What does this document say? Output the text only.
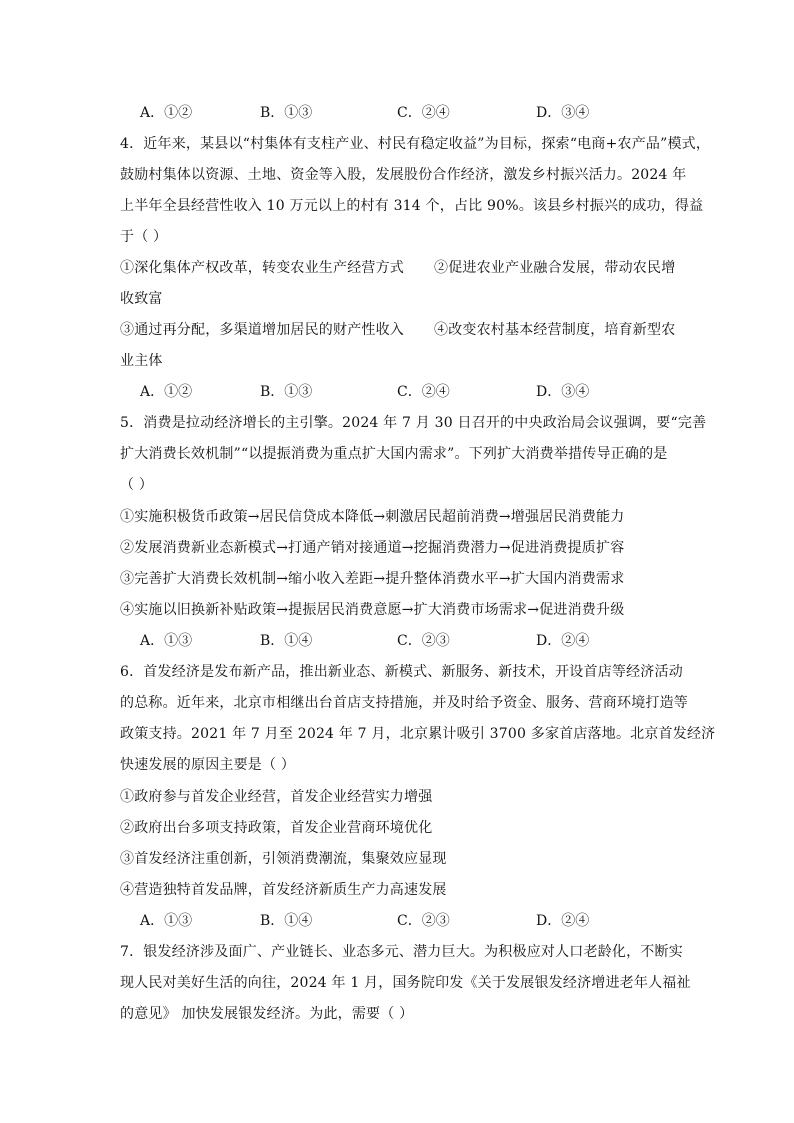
A．①②	B．①③	C．②④	D．③④
4．近年来，某县以“村集体有支柱产业、村民有稳定收益”为目标，探索“电商+农产品”模式，
鼓励村集体以资源、土地、资金等入股，发展股份合作经济，激发乡村振兴活力。2024 年
上半年全县经营性收入 10 万元以上的村有 314 个，占比 90%。该县乡村振兴的成功，得益
于（ ）
①深化集体产权改革，转变农业生产经营方式 ②促进农业产业融合发展，带动农民增
收致富
③通过再分配，多渠道增加居民的财产性收入 ④改变农村基本经营制度，培育新型农
业主体
A．①②	B．①③	C．②④	D．③④
5．消费是拉动经济增长的主引擎。2024 年 7 月 30 日召开的中央政治局会议强调，要“完善
扩大消费长效机制”“以提振消费为重点扩大国内需求”。下列扩大消费举措传导正确的是
（ ）
①实施积极货币政策→居民信贷成本降低→刺激居民超前消费→增强居民消费能力
②发展消费新业态新模式→打通产销对接通道→挖掘消费潜力→促进消费提质扩容
③完善扩大消费长效机制→缩小收入差距→提升整体消费水平→扩大国内消费需求
④实施以旧换新补贴政策→提振居民消费意愿→扩大消费市场需求→促进消费升级
A．①③	B．①④	C．②③	D．②④
6．首发经济是发布新产品，推出新业态、新模式、新服务、新技术，开设首店等经济活动
的总称。近年来，北京市相继出台首店支持措施，并及时给予资金、服务、营商环境打造等
政策支持。2021 年 7 月至 2024 年 7 月，北京累计吸引 3700 多家首店落地。北京首发经济
快速发展的原因主要是（ ）
①政府参与首发企业经营，首发企业经营实力增强
②政府出台多项支持政策，首发企业营商环境优化
③首发经济注重创新，引领消费潮流，集聚效应显现
④营造独特首发品牌，首发经济新质生产力高速发展
A．①③	B．①④	C．②③	D．②④
7．银发经济涉及面广、产业链长、业态多元、潜力巨大。为积极应对人口老龄化，不断实
现人民对美好生活的向往，2024 年 1 月，国务院印发《关于发展银发经济增进老年人福祉
的意见》 加快发展银发经济。为此，需要（ ）
